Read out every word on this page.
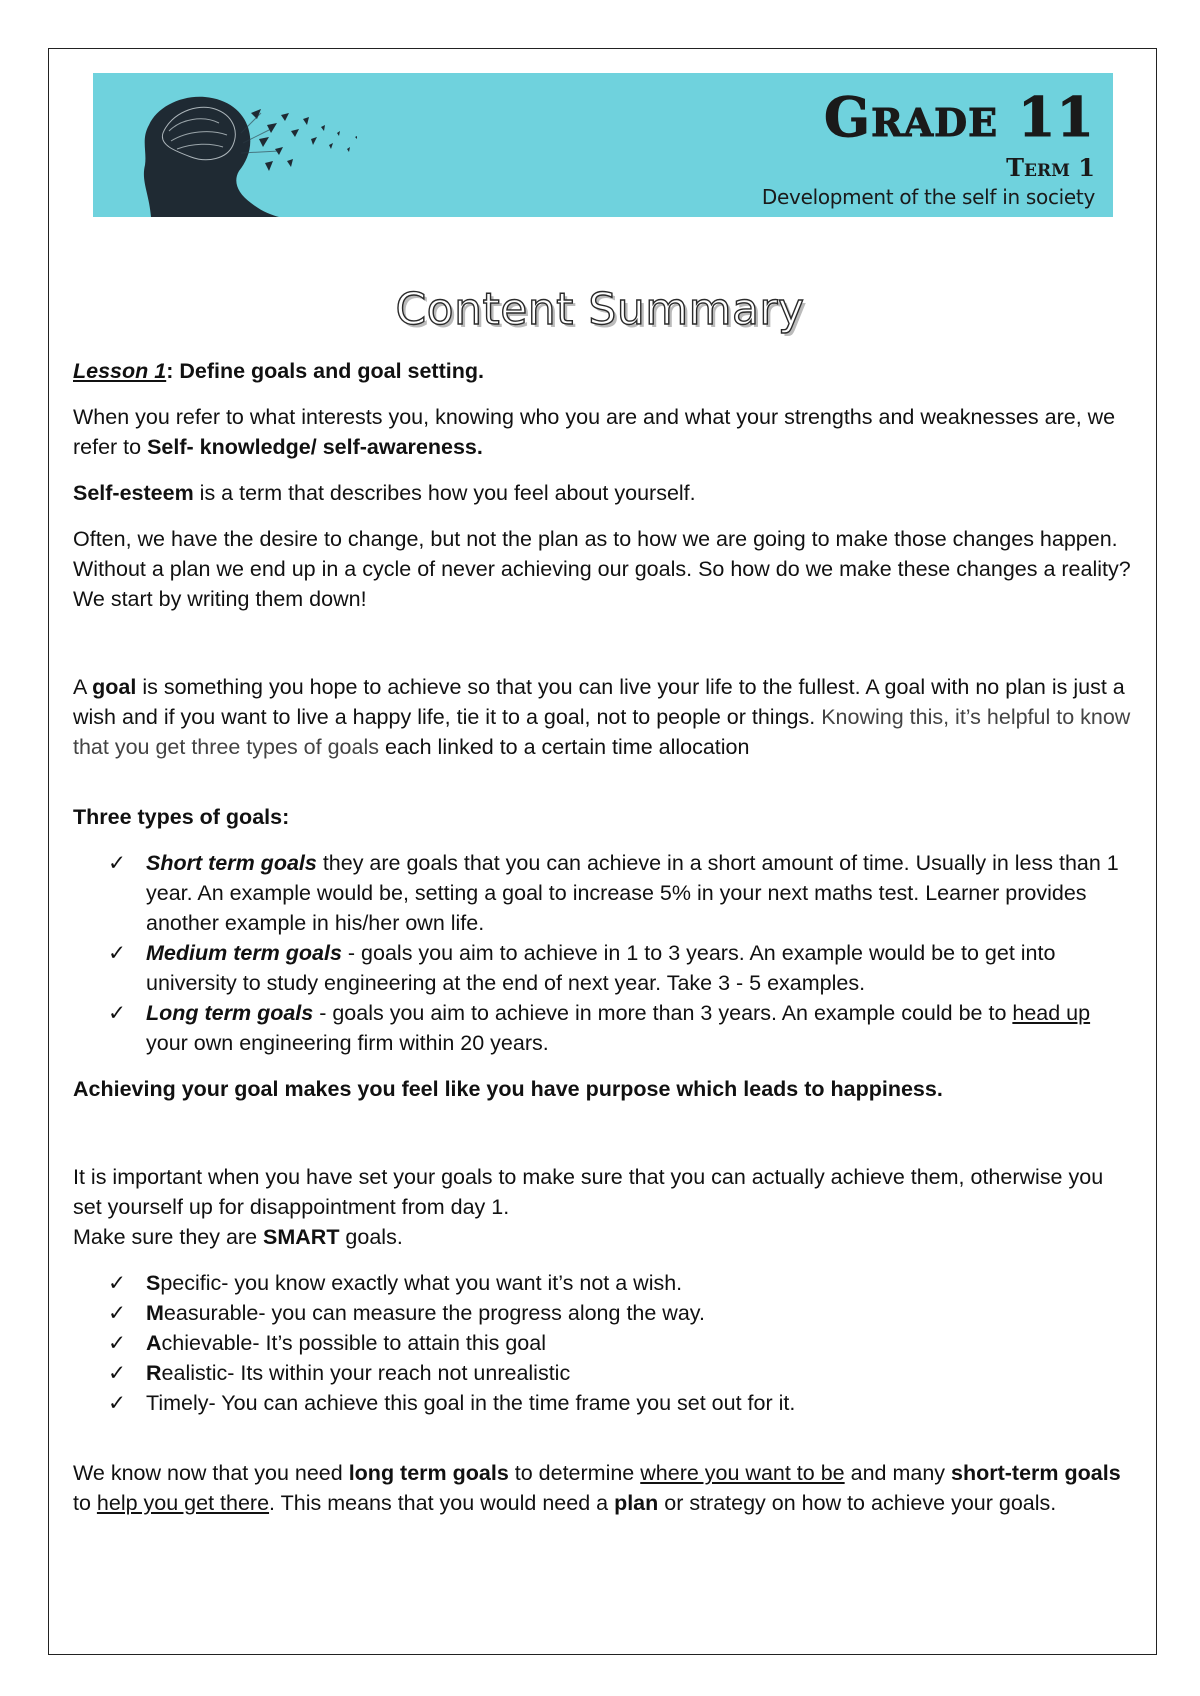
Grade 11
Term 1
Development of the self in society
Content Summary

Lesson 1: Define goals and goal setting.

When you refer to what interests you, knowing who you are and what your strengths and weaknesses are, we refer to Self- knowledge/ self-awareness.

Self-esteem is a term that describes how you feel about yourself.

Often, we have the desire to change, but not the plan as to how we are going to make those changes happen. Without a plan we end up in a cycle of never achieving our goals. So how do we make these changes a reality? We start by writing them down!

A goal is something you hope to achieve so that you can live your life to the fullest. A goal with no plan is just a wish and if you want to live a happy life, tie it to a goal, not to people or things. Knowing this, it’s helpful to know that you get three types of goals each linked to a certain time allocation

Three types of goals:

✓ Short term goals they are goals that you can achieve in a short amount of time. Usually in less than 1 year. An example would be, setting a goal to increase 5% in your next maths test. Learner provides another example in his/her own life.
✓ Medium term goals - goals you aim to achieve in 1 to 3 years. An example would be to get into university to study engineering at the end of next year. Take 3 - 5 examples.
✓ Long term goals - goals you aim to achieve in more than 3 years. An example could be to head up your own engineering firm within 20 years.

Achieving your goal makes you feel like you have purpose which leads to happiness.

It is important when you have set your goals to make sure that you can actually achieve them, otherwise you set yourself up for disappointment from day 1.
Make sure they are SMART goals.

✓ Specific- you know exactly what you want it’s not a wish.
✓ Measurable- you can measure the progress along the way.
✓ Achievable- It’s possible to attain this goal
✓ Realistic- Its within your reach not unrealistic
✓ Timely- You can achieve this goal in the time frame you set out for it.

We know now that you need long term goals to determine where you want to be and many short-term goals to help you get there. This means that you would need a plan or strategy on how to achieve your goals.
